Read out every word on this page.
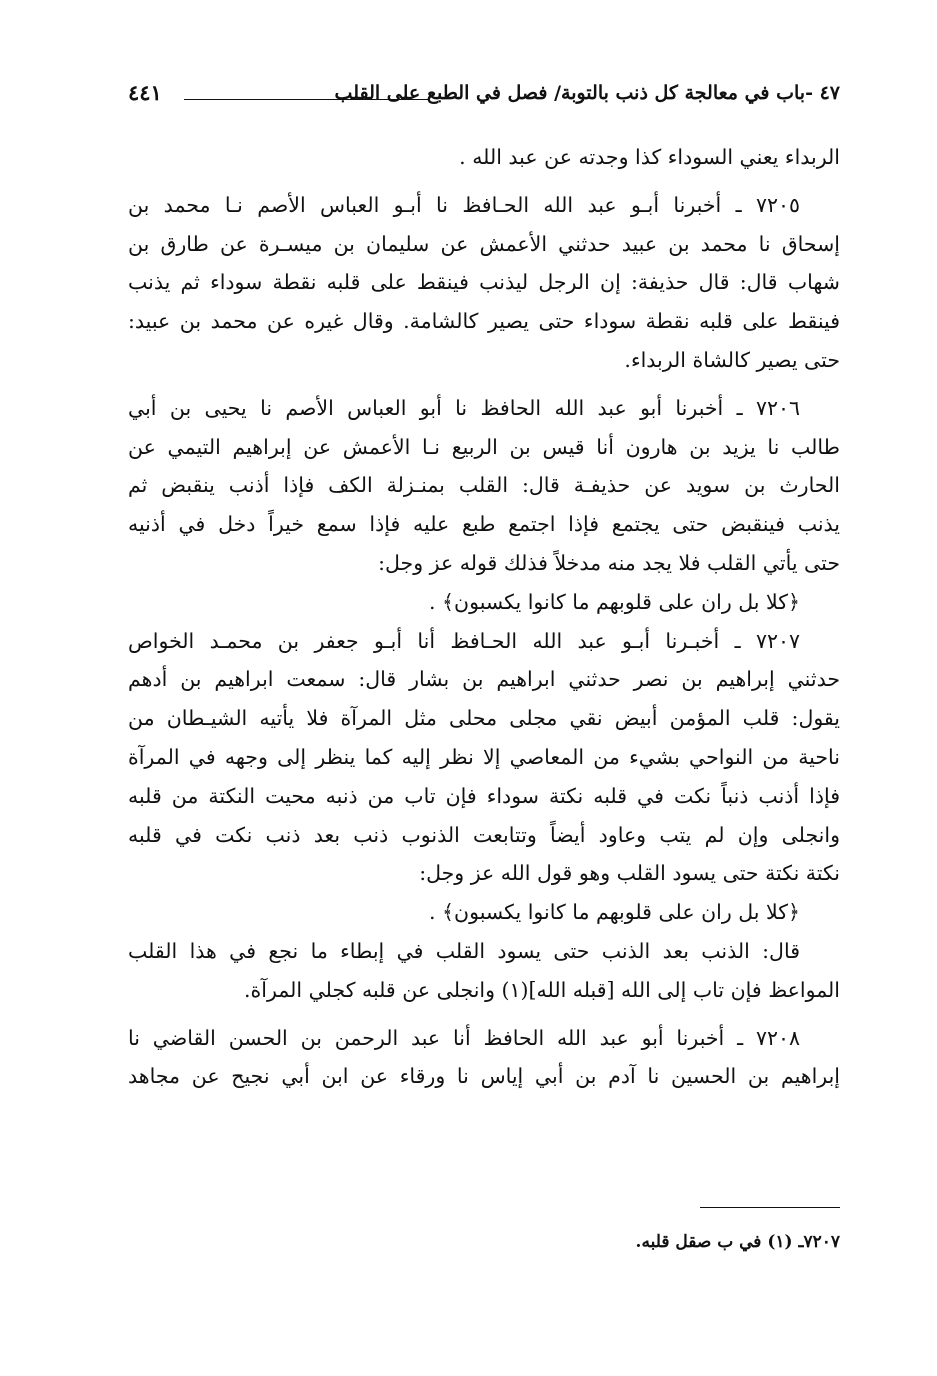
٤٧ -باب في معالجة كل ذنب بالتوبة/ فصل في الطبع على القلب
٤٤١
الربداء يعني السوداء كذا وجدته عن عبد الله .
٧٢٠٥ ـ أخبرنا أبـو عبد الله الحـافظ نا أبـو العباس الأصم نـا محمد بن
إسحاق نا محمد بن عبيد حدثني الأعمش عن سليمان بن ميسـرة عن طارق بن
شهاب قال: قال حذيفة: إن الرجل ليذنب فينقط على قلبه نقطة سوداء ثم يذنب
فينقط على قلبه نقطة سوداء حتى يصير كالشامة. وقال غيره عن محمد بن عبيد:
حتى يصير كالشاة الربداء.
٧٢٠٦ ـ أخبرنا أبو عبد الله الحافظ نا أبو العباس الأصم نا يحيى بن أبي
طالب نا يزيد بن هارون أنا قيس بن الربيع نـا الأعمش عن إبراهيم التيمي عن
الحارث بن سويد عن حذيفـة قال: القلب بمنـزلة الكف فإذا أذنب ينقبض ثم
يذنب فينقبض حتى يجتمع فإذا اجتمع طبع عليه فإذا سمع خيراً دخل في أذنيه
حتى يأتي القلب فلا يجد منه مدخلاً فذلك قوله عز وجل:
﴿كلا بل ران على قلوبهم ما كانوا يكسبون﴾ .
٧٢٠٧ ـ أخبـرنا أبـو عبد الله الحـافظ أنا أبـو جعفر بن محمـد الخواص
حدثني إبراهيم بن نصر حدثني ابراهيم بن بشار قال: سمعت ابراهيم بن أدهم
يقول: قلب المؤمن أبيض نقي مجلى محلى مثل المرآة فلا يأتيه الشيـطان من
ناحية من النواحي بشيء من المعاصي إلا نظر إليه كما ينظر إلى وجهه في المرآة
فإذا أذنب ذنباً نكت في قلبه نكتة سوداء فإن تاب من ذنبه محيت النكتة من قلبه
وانجلى وإن لم يتب وعاود أيضاً وتتابعت الذنوب ذنب بعد ذنب نكت في قلبه
نكتة نكتة حتى يسود القلب وهو قول الله عز وجل:
﴿كلا بل ران على قلوبهم ما كانوا يكسبون﴾ .
قال: الذنب بعد الذنب حتى يسود القلب في إبطاء ما نجع في هذا القلب
المواعظ فإن تاب إلى الله [قبله الله](١) وانجلى عن قلبه كجلي المرآة.
٧٢٠٨ ـ أخبرنا أبو عبد الله الحافظ أنا عبد الرحمن بن الحسن القاضي نا
إبراهيم بن الحسين نا آدم بن أبي إياس نا ورقاء عن ابن أبي نجيح عن مجاهد
٧٢٠٧ـ (١) في ب صقل قلبه.
